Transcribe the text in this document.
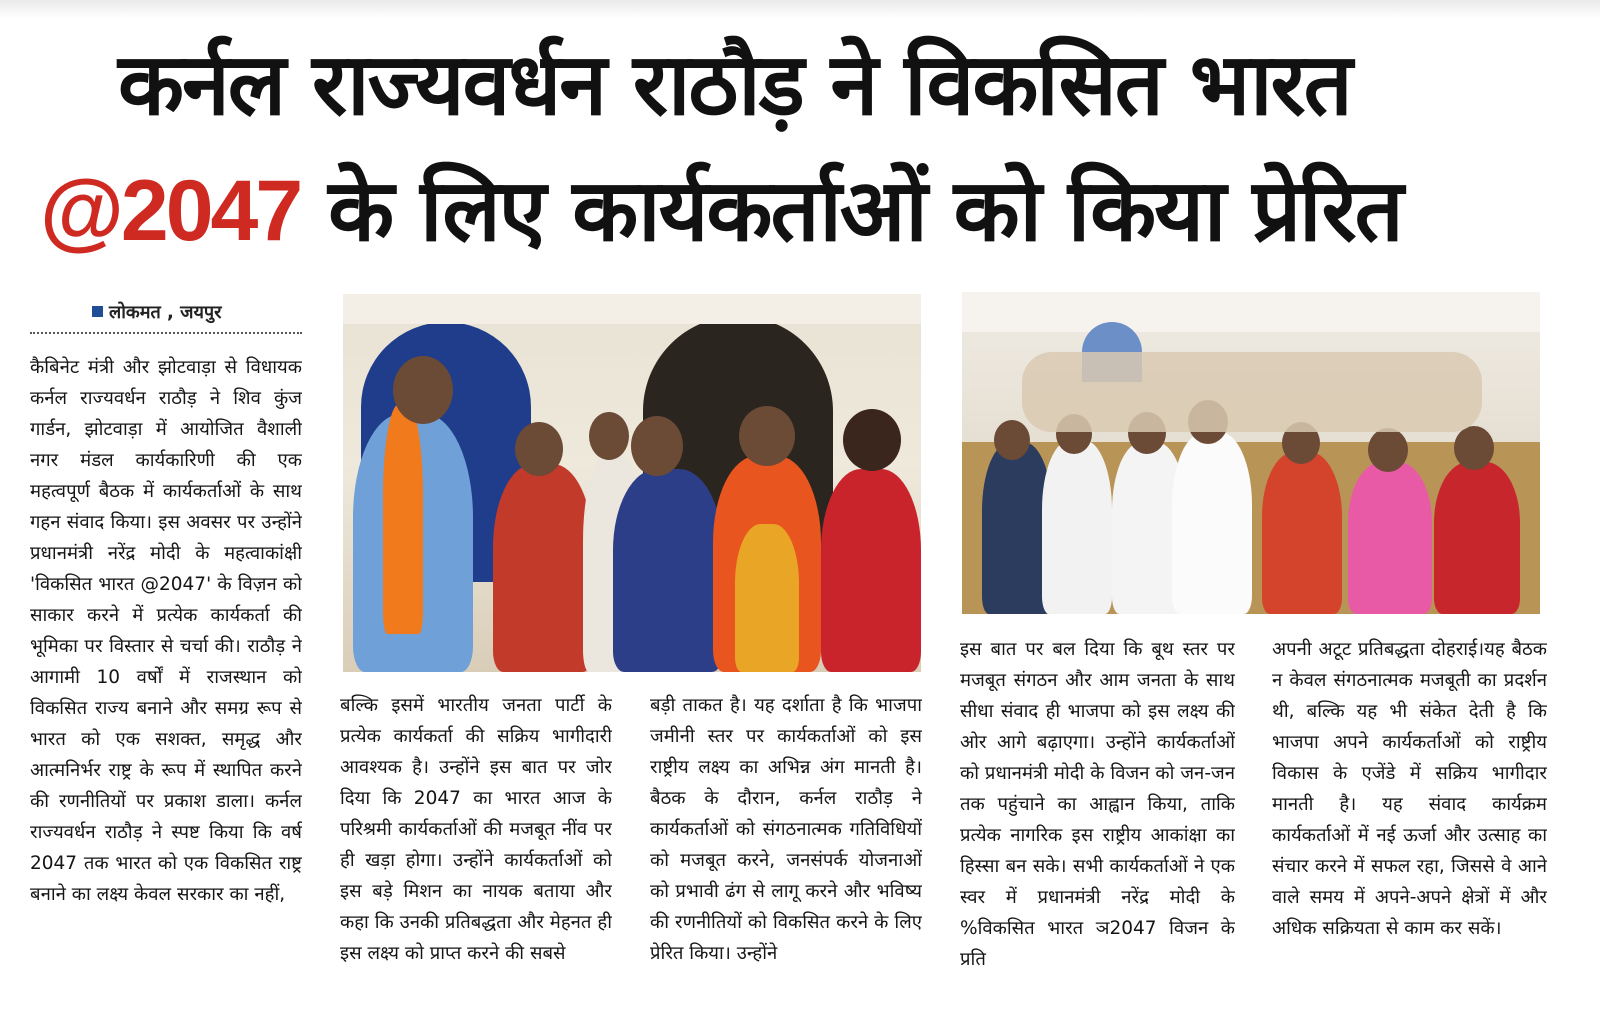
कर्नल राज्यवर्धन राठौड़ ने विकसित भारत
@2047 के लिए कार्यकर्ताओं को किया प्रेरित
लोकमत , जयपुर
कैबिनेट मंत्री और झोटवाड़ा से विधायक कर्नल राज्यवर्धन राठौड़ ने शिव कुंज गार्डन, झोटवाड़ा में आयोजित वैशाली नगर मंडल कार्यकारिणी की एक महत्वपूर्ण बैठक में कार्यकर्ताओं के साथ गहन संवाद किया। इस अवसर पर उन्होंने प्रधानमंत्री नरेंद्र मोदी के महत्वाकांक्षी 'विकसित भारत @2047' के विज़न को साकार करने में प्रत्येक कार्यकर्ता की भूमिका पर विस्तार से चर्चा की। राठौड़ ने आगामी 10 वर्षों में राजस्थान को विकसित राज्य बनाने और समग्र रूप से भारत को एक सशक्त, समृद्ध और आत्मनिर्भर राष्ट्र के रूप में स्थापित करने की रणनीतियों पर प्रकाश डाला। कर्नल राज्यवर्धन राठौड़ ने स्पष्ट किया कि वर्ष 2047 तक भारत को एक विकसित राष्ट्र बनाने का लक्ष्य केवल सरकार का नहीं,
बल्कि इसमें भारतीय जनता पार्टी के प्रत्येक कार्यकर्ता की सक्रिय भागीदारी आवश्यक है। उन्होंने इस बात पर जोर दिया कि 2047 का भारत आज के परिश्रमी कार्यकर्ताओं की मजबूत नींव पर ही खड़ा होगा। उन्होंने कार्यकर्ताओं को इस बड़े मिशन का नायक बताया और कहा कि उनकी प्रतिबद्धता और मेहनत ही इस लक्ष्य को प्राप्त करने की सबसे
बड़ी ताकत है। यह दर्शाता है कि भाजपा जमीनी स्तर पर कार्यकर्ताओं को इस राष्ट्रीय लक्ष्य का अभिन्न अंग मानती है।बैठक के दौरान, कर्नल राठौड़ ने कार्यकर्ताओं को संगठनात्मक गतिविधियों को मजबूत करने, जनसंपर्क योजनाओं को प्रभावी ढंग से लागू करने और भविष्य की रणनीतियों को विकसित करने के लिए प्रेरित किया। उन्होंने
इस बात पर बल दिया कि बूथ स्तर पर मजबूत संगठन और आम जनता के साथ सीधा संवाद ही भाजपा को इस लक्ष्य की ओर आगे बढ़ाएगा। उन्होंने कार्यकर्ताओं को प्रधानमंत्री मोदी के विजन को जन-जन तक पहुंचाने का आह्वान किया, ताकि प्रत्येक नागरिक इस राष्ट्रीय आकांक्षा का हिस्सा बन सके। सभी कार्यकर्ताओं ने एक स्वर में प्रधानमंत्री नरेंद्र मोदी के %विकसित भारत ञ2047 विजन के प्रति
अपनी अटूट प्रतिबद्धता दोहराई।यह बैठक न केवल संगठनात्मक मजबूती का प्रदर्शन थी, बल्कि यह भी संकेत देती है कि भाजपा अपने कार्यकर्ताओं को राष्ट्रीय विकास के एजेंडे में सक्रिय भागीदार मानती है। यह संवाद कार्यक्रम कार्यकर्ताओं में नई ऊर्जा और उत्साह का संचार करने में सफल रहा, जिससे वे आने वाले समय में अपने-अपने क्षेत्रों में और अधिक सक्रियता से काम कर सकें।
